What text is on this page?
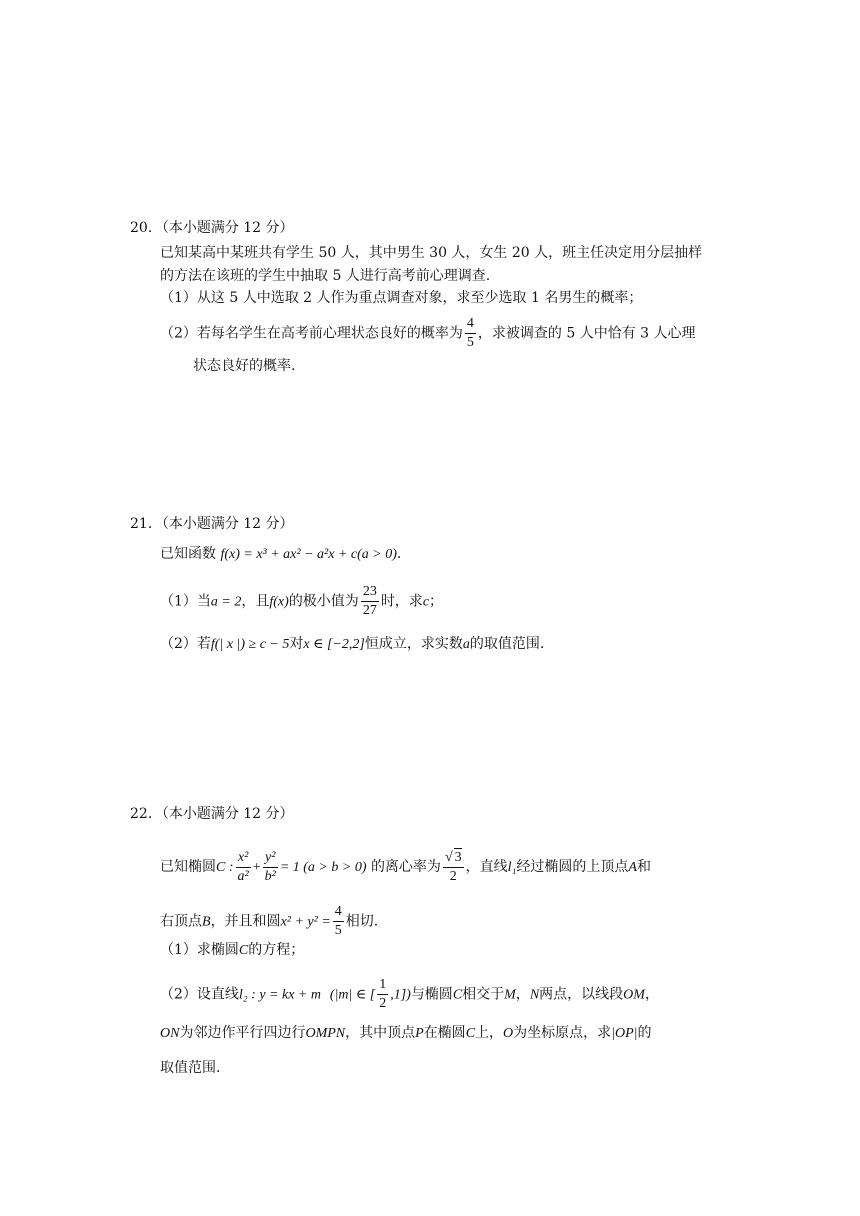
20．（本小题满分 12 分）
已知某高中某班共有学生 50 人，其中男生 30 人，女生 20 人，班主任决定用分层抽样
的方法在该班的学生中抽取 5 人进行高考前心理调查.
（1）从这 5 人中选取 2 人作为重点调查对象，求至少选取 1 名男生的概率；
（2）若每名学生在高考前心理状态良好的概率为 $\frac{4}{5}$ ，求被调查的 5 人中恰有 3 人心理
状态良好的概率.
21．（本小题满分 12 分）
已知函数 f(x) = x³ + ax² − a²x + c(a > 0).
（1）当a = 2，且f(x)的极小值为 $\frac{23}{27}$ 时，求c；
（2）若f(| x |) ≥ c − 5对x ∈ [−2,2]恒成立，求实数a的取值范围.
22．（本小题满分 12 分）
已知椭圆C : $\frac{\text{x²}}{\text{a²}} + \frac{\text{y²}}{\text{b²}} = 1$ (a > b > 0) 的离心率为 $\frac{√ 3}{2}$ ，直线l₁经过椭圆的上顶点A和
右顶点B，并且和圆$x^2 + y^2 = \frac{4}{5}$ 相切.
（1）求椭圆C的方程；
（2）设直线l₂ : y = kx + m (|m| ∈ [ $\frac{1}{2} ,1$])与椭圆C相交于M，N两点，以线段OM，
ON为邻边作平行四边行OMPN，其中顶点P在椭圆C上，O为坐标原点，求|OP|的
取值范围.
